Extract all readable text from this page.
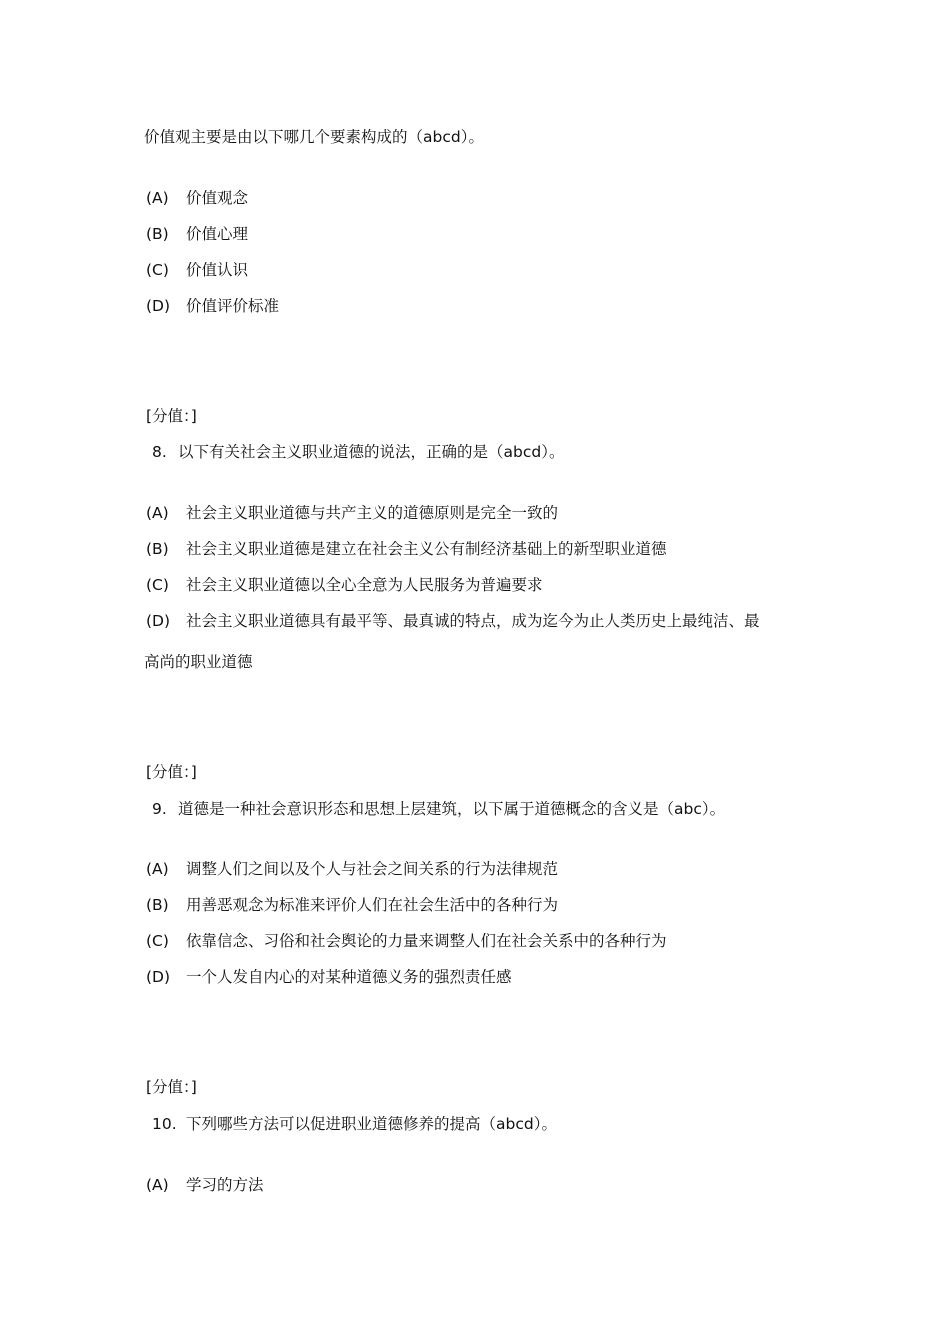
价值观主要是由以下哪几个要素构成的（abcd）。
(A) 价值观念
(B) 价值心理
(C) 价值认识
(D) 价值评价标准
[分值：]
8. 以下有关社会主义职业道德的说法，正确的是（abcd）。
(A) 社会主义职业道德与共产主义的道德原则是完全一致的
(B) 社会主义职业道德是建立在社会主义公有制经济基础上的新型职业道德
(C) 社会主义职业道德以全心全意为人民服务为普遍要求
(D) 社会主义职业道德具有最平等、最真诚的特点，成为迄今为止人类历史上最纯洁、最
高尚的职业道德
[分值：]
9. 道德是一种社会意识形态和思想上层建筑，以下属于道德概念的含义是（abc）。
(A) 调整人们之间以及个人与社会之间关系的行为法律规范
(B) 用善恶观念为标准来评价人们在社会生活中的各种行为
(C) 依靠信念、习俗和社会舆论的力量来调整人们在社会关系中的各种行为
(D) 一个人发自内心的对某种道德义务的强烈责任感
[分值：]
10. 下列哪些方法可以促进职业道德修养的提高（abcd）。
(A) 学习的方法
